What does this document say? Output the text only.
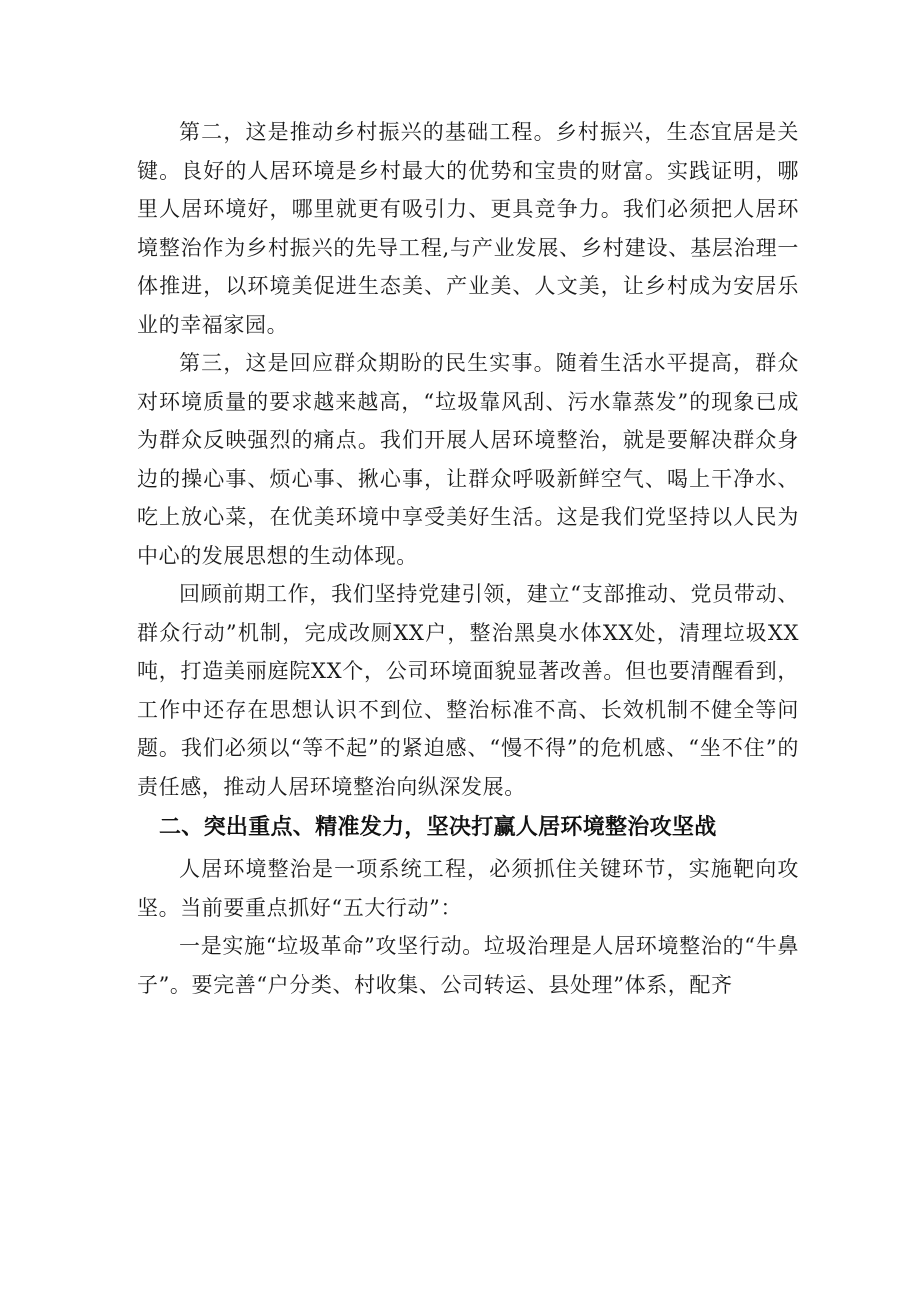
第二，这是推动乡村振兴的基础工程。乡村振兴，生态宜居是关键。良好的人居环境是乡村最大的优势和宝贵的财富。实践证明，哪里人居环境好，哪里就更有吸引力、更具竞争力。我们必须把人居环境整治作为乡村振兴的先导工程,与产业发展、乡村建设、基层治理一体推进，以环境美促进生态美、产业美、人文美，让乡村成为安居乐业的幸福家园。

第三，这是回应群众期盼的民生实事。随着生活水平提高，群众对环境质量的要求越来越高，“垃圾靠风刮、污水靠蒸发”的现象已成为群众反映强烈的痛点。我们开展人居环境整治，就是要解决群众身边的操心事、烦心事、揪心事，让群众呼吸新鲜空气、喝上干净水、吃上放心菜，在优美环境中享受美好生活。这是我们党坚持以人民为中心的发展思想的生动体现。

回顾前期工作，我们坚持党建引领，建立“支部推动、党员带动、群众行动”机制，完成改厕XX户，整治黑臭水体XX处，清理垃圾XX吨，打造美丽庭院XX个，公司环境面貌显著改善。但也要清醒看到，工作中还存在思想认识不到位、整治标准不高、长效机制不健全等问题。我们必须以“等不起”的紧迫感、“慢不得”的危机感、“坐不住”的责任感，推动人居环境整治向纵深发展。

二、突出重点、精准发力，坚决打赢人居环境整治攻坚战

人居环境整治是一项系统工程，必须抓住关键环节，实施靶向攻坚。当前要重点抓好“五大行动”：

一是实施“垃圾革命”攻坚行动。垃圾治理是人居环境整治的“牛鼻子”。要完善“户分类、村收集、公司转运、县处理”体系，配齐
